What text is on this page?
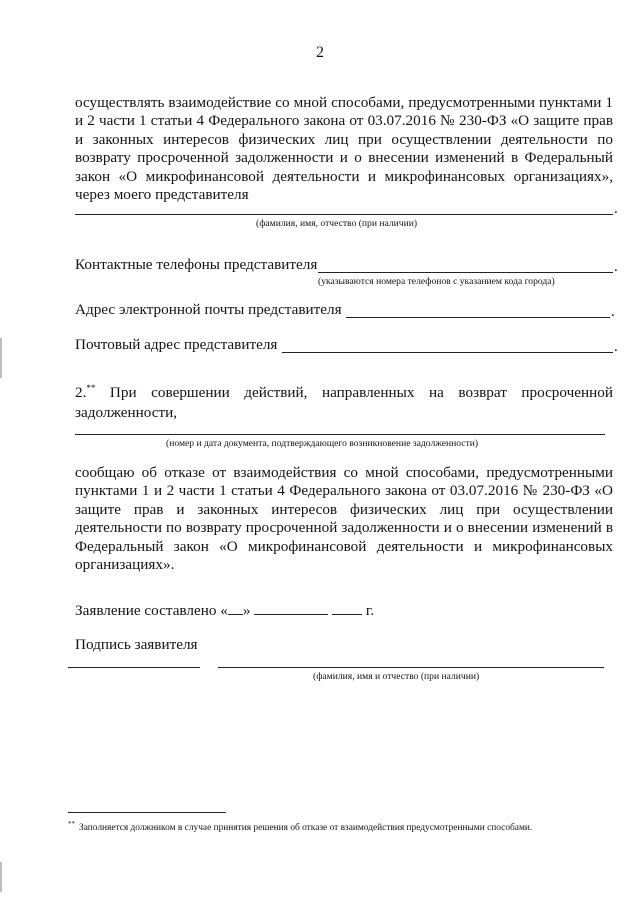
2
осуществлять взаимодействие со мной способами, предусмотренными пунктами 1 и 2 части 1 статьи 4 Федерального закона от 03.07.2016 № 230-ФЗ «О защите прав и законных интересов физических лиц при осуществлении деятельности по возврату просроченной задолженности и о внесении изменений в Федеральный закон «О микрофинансовой деятельности и микрофинансовых организациях», через моего представителя
.
(фамилия, имя, отчество (при наличии)
Контактные телефоны представителя	.
(указываются номера телефонов с указанием кода города)
Адрес электронной почты представителя	.
Почтовый адрес представителя	.
2.** При совершении действий, направленных на возврат просроченной
задолженности,
(номер и дата документа, подтверждающего возникновение задолженности)
сообщаю об отказе от взаимодействия со мной способами, предусмотренными пунктами 1 и 2 части 1 статьи 4 Федерального закона от 03.07.2016 № 230-ФЗ «О защите прав и законных интересов физических лиц при осуществлении деятельности по возврату просроченной задолженности и о внесении изменений в Федеральный закон «О микрофинансовой деятельности и микрофинансовых организациях».
Заявление составлено « »	г.
Подпись заявителя
(фамилия, имя и отчество (при наличии)
** Заполняется должником в случае принятия решения об отказе от взаимодействия предусмотренными способами.
